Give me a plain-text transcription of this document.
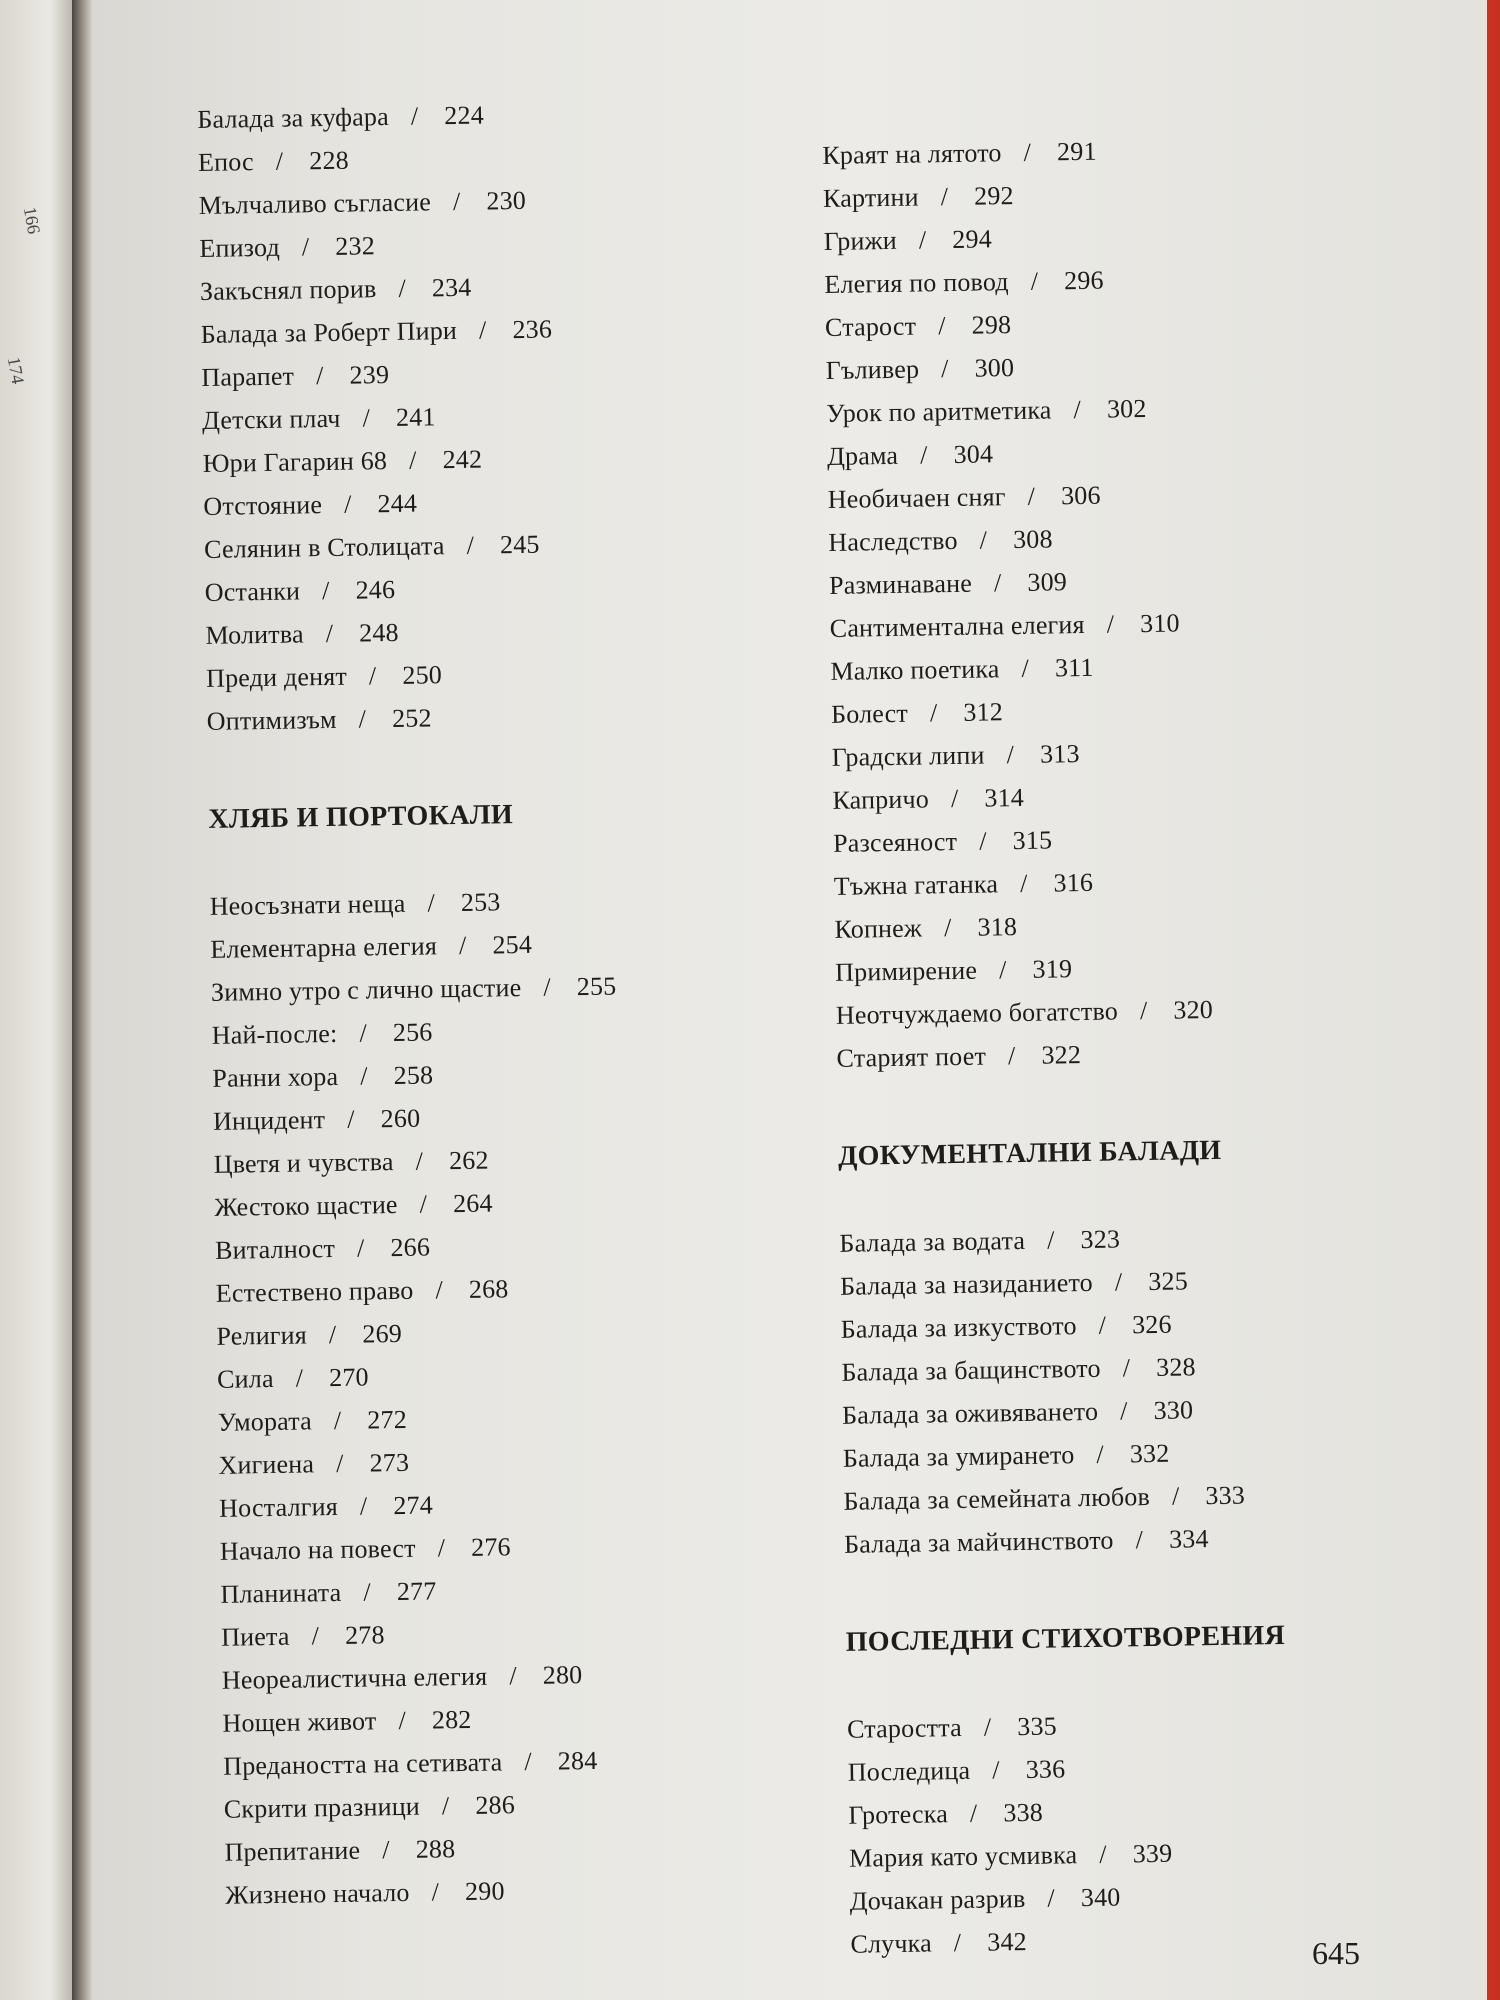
166
174
Балада за куфара / 224
Епос / 228
Мълчаливо съгласие / 230
Епизод / 232
Закъснял порив / 234
Балада за Роберт Пири / 236
Парапет / 239
Детски плач / 241
Юри Гагарин 68 / 242
Отстояние / 244
Селянин в Столицата / 245
Останки / 246
Молитва / 248
Преди денят / 250
Оптимизъм / 252
ХЛЯБ И ПОРТОКАЛИ
Неосъзнати неща / 253
Елементарна елегия / 254
Зимно утро с лично щастие / 255
Най-после: / 256
Ранни хора / 258
Инцидент / 260
Цветя и чувства / 262
Жестоко щастие / 264
Виталност / 266
Естествено право / 268
Религия / 269
Сила / 270
Умората / 272
Хигиена / 273
Носталгия / 274
Начало на повест / 276
Планината / 277
Пиета / 278
Неореалистична елегия / 280
Нощен живот / 282
Предаността на сетивата / 284
Скрити празници / 286
Препитание / 288
Жизнено начало / 290
Краят на лятото / 291
Картини / 292
Грижи / 294
Елегия по повод / 296
Старост / 298
Гъливер / 300
Урок по аритметика / 302
Драма / 304
Необичаен сняг / 306
Наследство / 308
Разминаване / 309
Сантиментална елегия / 310
Малко поетика / 311
Болест / 312
Градски липи / 313
Капричо / 314
Разсеяност / 315
Тъжна гатанка / 316
Копнеж / 318
Примирение / 319
Неотчуждаемо богатство / 320
Старият поет / 322
ДОКУМЕНТАЛНИ БАЛАДИ
Балада за водата / 323
Балада за назиданието / 325
Балада за изкуството / 326
Балада за бащинството / 328
Балада за оживяването / 330
Балада за умирането / 332
Балада за семейната любов / 333
Балада за майчинството / 334
ПОСЛЕДНИ СТИХОТВОРЕНИЯ
Старостта / 335
Последица / 336
Гротеска / 338
Мария като усмивка / 339
Дочакан разрив / 340
Случка / 342	645
